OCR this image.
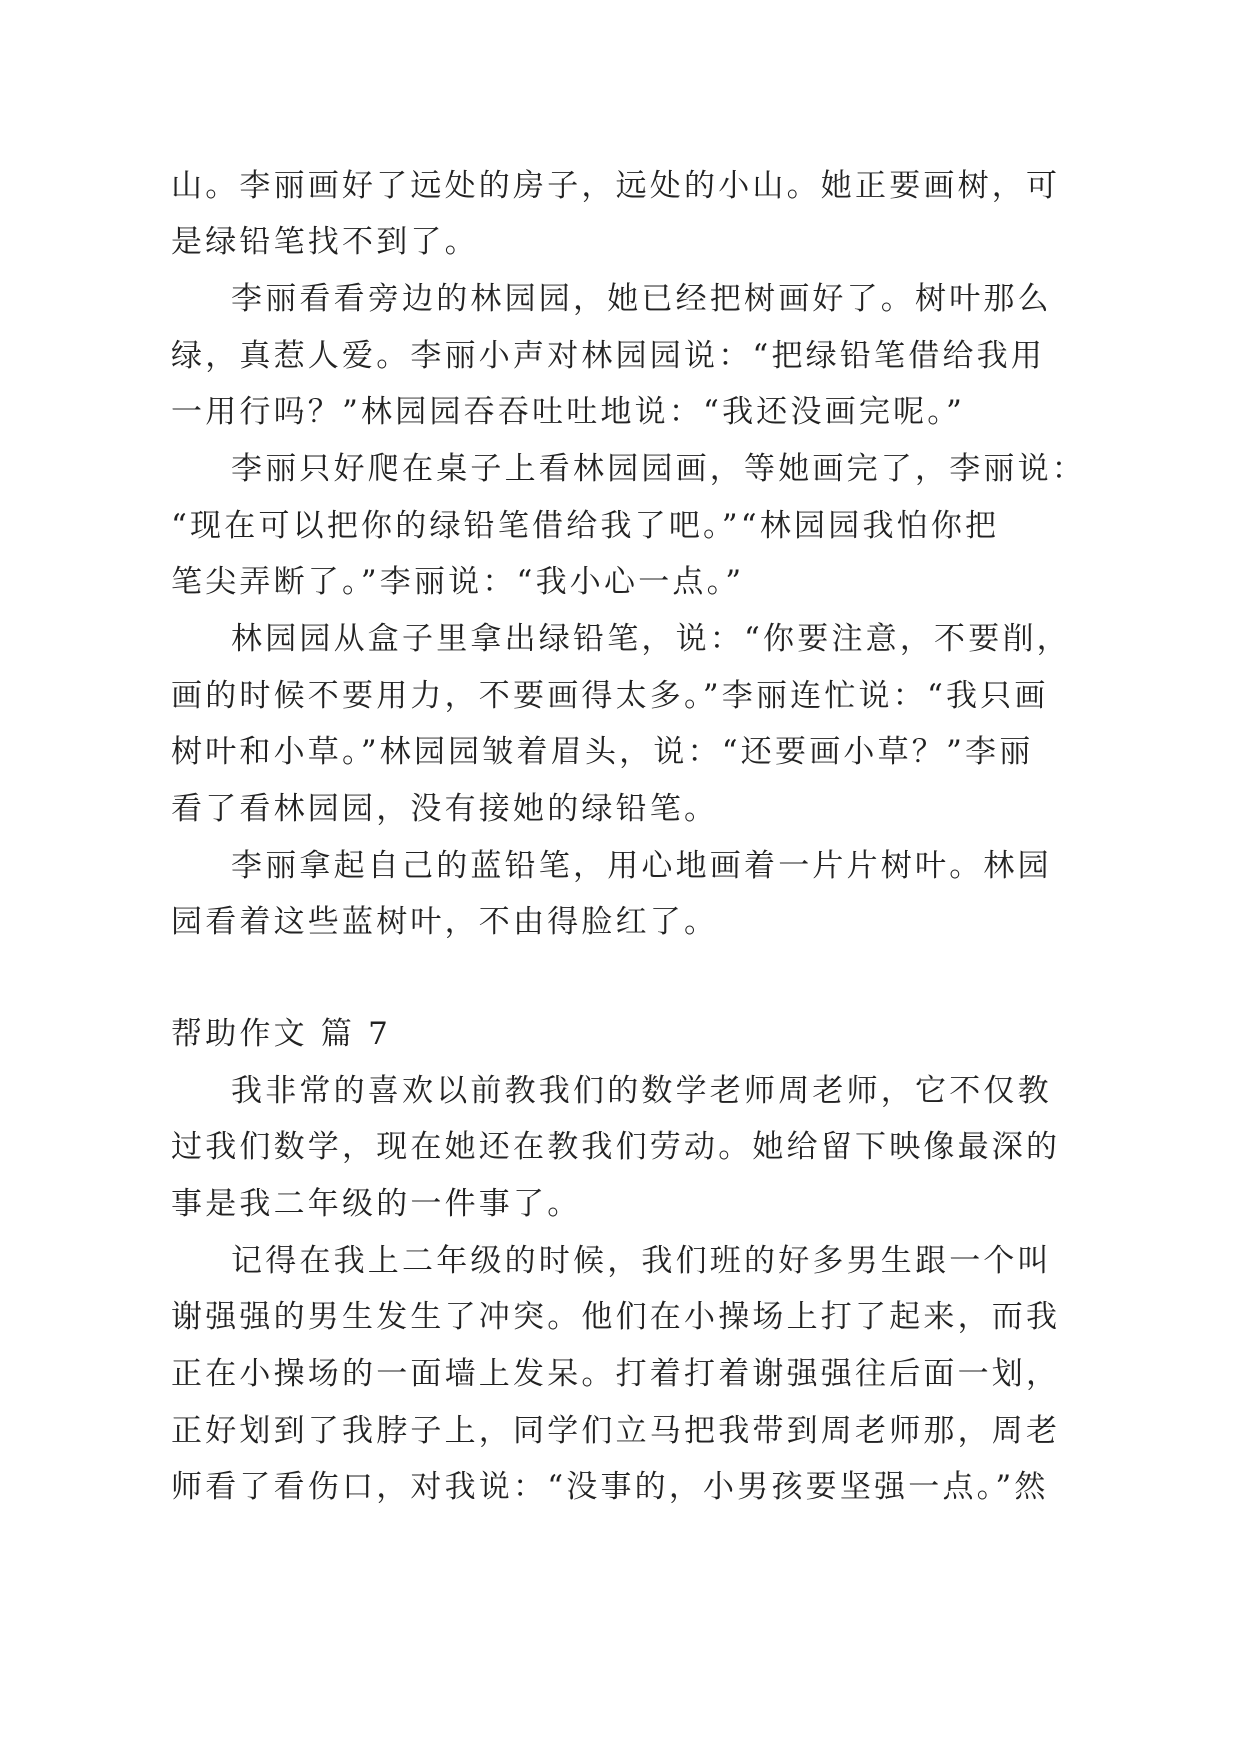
山。李丽画好了远处的房子，远处的小山。她正要画树，可
是绿铅笔找不到了。
李丽看看旁边的林园园，她已经把树画好了。树叶那么
绿，真惹人爱。李丽小声对林园园说：“把绿铅笔借给我用
一用行吗？”林园园吞吞吐吐地说：“我还没画完呢。”
李丽只好爬在桌子上看林园园画，等她画完了，李丽说：
“现在可以把你的绿铅笔借给我了吧。”“林园园我怕你把
笔尖弄断了。”李丽说：“我小心一点。”
林园园从盒子里拿出绿铅笔，说：“你要注意，不要削，
画的时候不要用力，不要画得太多。”李丽连忙说：“我只画
树叶和小草。”林园园皱着眉头，说：“还要画小草？”李丽
看了看林园园，没有接她的绿铅笔。
李丽拿起自己的蓝铅笔，用心地画着一片片树叶。林园
园看着这些蓝树叶，不由得脸红了。
帮助作文 篇 7
我非常的喜欢以前教我们的数学老师周老师，它不仅教
过我们数学，现在她还在教我们劳动。她给留下映像最深的
事是我二年级的一件事了。
记得在我上二年级的时候，我们班的好多男生跟一个叫
谢强强的男生发生了冲突。他们在小操场上打了起来，而我
正在小操场的一面墙上发呆。打着打着谢强强往后面一划，
正好划到了我脖子上，同学们立马把我带到周老师那，周老
师看了看伤口，对我说：“没事的，小男孩要坚强一点。”然
